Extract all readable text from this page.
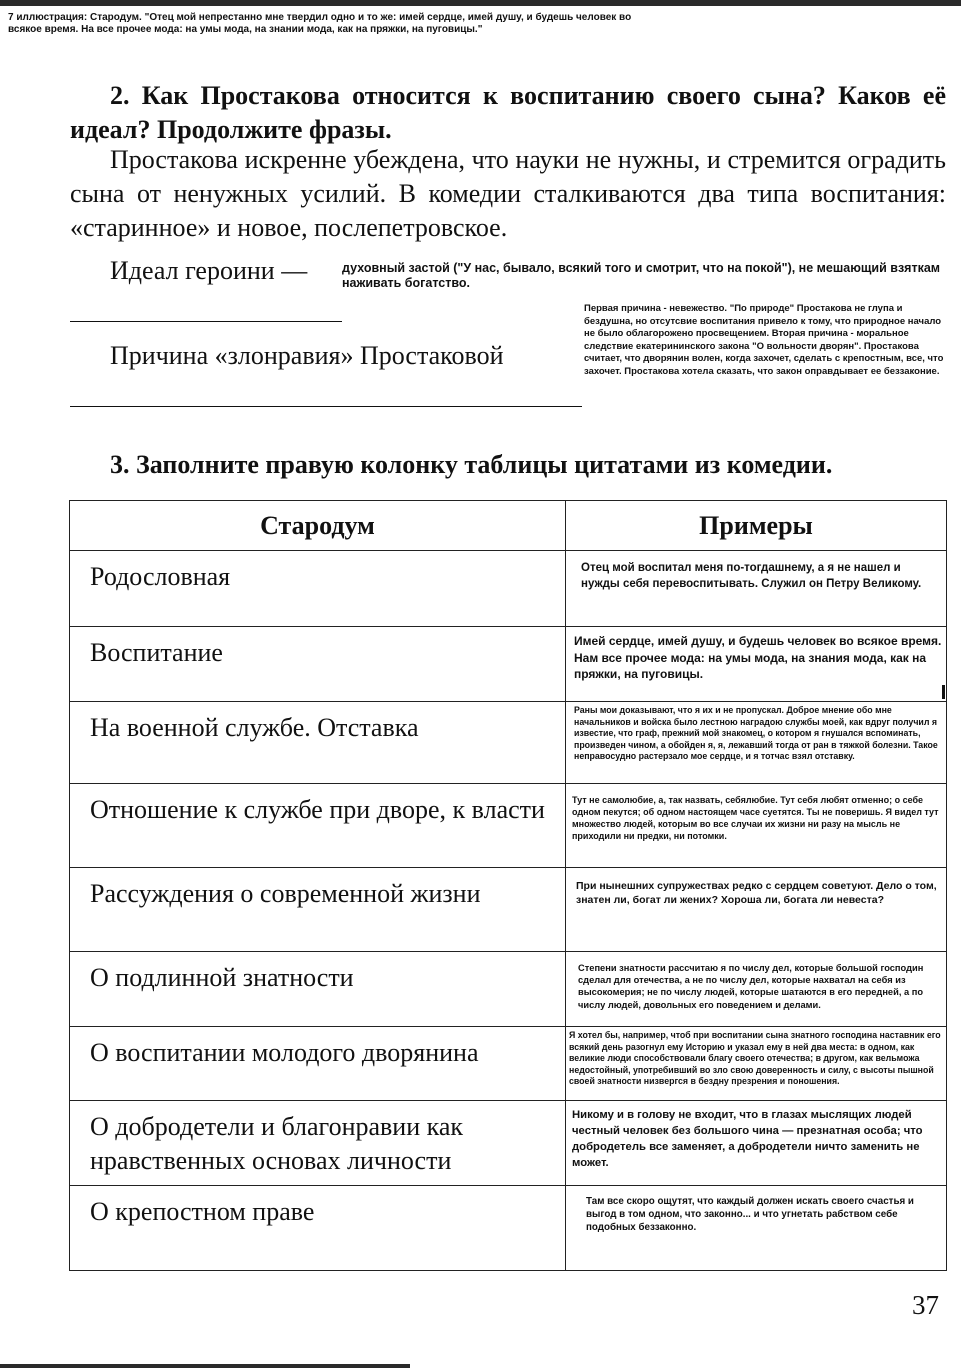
7 иллюстрация: Стародум. "Отец мой непрестанно мне твердил одно и то же: имей сердце, имей душу, и будешь человек во всякое время. На все прочее мода: на умы мода, на знании мода, как на пряжки, на пуговицы."

2. Как Простакова относится к воспитанию своего сына? Каков её идеал? Продолжите фразы.

Простакова искренне убеждена, что науки не нужны, и стремится оградить сына от ненужных усилий. В комедии сталкиваются два типа воспитания: «старинное» и новое, послепетровское.

Идеал героини —	духовный застой ("У нас, бывало, всякий того и смотрит, что на покой"), не мешающий взяткам наживать богатство.
Причина «злонравия» Простаковой
Первая причина - невежество. "По природе" Простакова не глупа и бездушна, но отсутсвие воспитания привело к тому, что природное начало не было облагорожено просвещением. Вторая причина - моральное следствие екатерининского закона "О вольности дворян". Простакова считает, что дворянин волен, когда захочет, сделать с крепостным, все, что захочет. Простакова хотела сказать, что закон оправдывает ее беззаконие.

3. Заполните правую колонку таблицы цитатами из комедии.

Стародум	Примеры
Родословная	Отец мой воспитал меня по-тогдашнему, а я не нашел и нужды себя перевоспитывать. Служил он Петру Великому.

Воспитание	Имей сердце, имей душу, и будешь человек во всякое время. Нам все прочее мода: на умы мода, на знания мода, как на пряжки, на пуговицы.

На военной службе. Отставка	Раны мои доказывают, что я их и не пропускал. Доброе мнение обо мне начальников и войска было лестною наградою службы моей, как вдруг получил я известие, что граф, прежний мой знакомец, о котором я гнушался вспоминать, произведен чином, а обойден я, я, лежавший тогда от ран в тяжкой болезни. Такое неправосудно растерзало мое сердце, и я тотчас взял отставку.

Отношение к службе при дворе, к власти	Тут не самолюбие, а, так назвать, себялюбие. Тут себя любят отменно; о себе одном пекутся; об одном настоящем часе суетятся. Ты не поверишь. Я видел тут множество людей, которым во все случаи их жизни ни разу на мысль не приходили ни предки, ни потомки.

Рассуждения о современной жизни	При нынешних супружествах редко с сердцем советуют. Дело о том, знатен ли, богат ли жених? Хороша ли, богата ли невеста?

О подлинной знатности	Степени знатности рассчитаю я по числу дел, которые большой господин сделал для отечества, а не по числу дел, которые нахватал на себя из высокомерия; не по числу людей, которые шатаются в его передней, а по числу людей, довольных его поведением и делами.

О воспитании молодого дворянина	Я хотел бы, например, чтоб при воспитании сына знатного господина наставник его всякий день разогнул ему Историю и указал ему в ней два места: в одном, как великие люди способствовали благу своего отечества; в другом, как вельможа недостойный, употребивший во зло свою доверенность и силу, с высоты пышной своей знатности низвергся в бездну презрения и поношения.

О добродетели и благонравии как нравственных основах личности	Никому и в голову не входит, что в глазах мыслящих людей честный человек без большого чина — презнатная особа; что добродетель все заменяет, а добродетели ничто заменить не может.

О крепостном праве	Там все скоро ощутят, что каждый должен искать своего счастья и выгод в том одном, что законно... и что угнетать рабством себе подобных беззаконно.
37
